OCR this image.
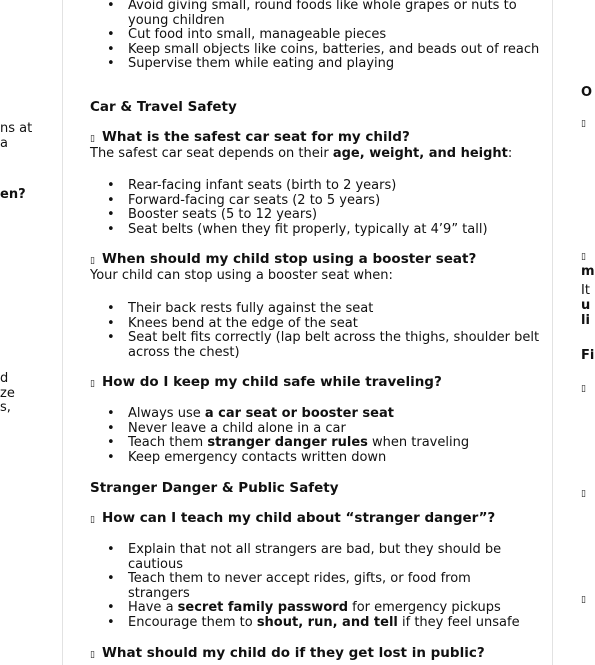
ns at
a
en?
d
ze
s,
O
▯
▯
m
It
u
li
Fi
▯
▯
▯
• Avoid giving small, round foods like whole grapes or nuts to young children
• Cut food into small, manageable pieces
• Keep small objects like coins, batteries, and beads out of reach
• Supervise them while eating and playing
Car & Travel Safety
▯ What is the safest car seat for my child?

The safest car seat depends on their age, weight, and height:

• Rear-facing infant seats (birth to 2 years)
• Forward-facing car seats (2 to 5 years)
• Booster seats (5 to 12 years)
• Seat belts (when they fit properly, typically at 4’9” tall)
▯ When should my child stop using a booster seat?

Your child can stop using a booster seat when:

• Their back rests fully against the seat
• Knees bend at the edge of the seat
• Seat belt fits correctly (lap belt across the thighs, shoulder belt across the chest)
▯ How do I keep my child safe while traveling?
• Always use a car seat or booster seat
• Never leave a child alone in a car
• Teach them stranger danger rules when traveling
• Keep emergency contacts written down
Stranger Danger & Public Safety
▯ How can I teach my child about “stranger danger”?
• Explain that not all strangers are bad, but they should be cautious
• Teach them to never accept rides, gifts, or food from strangers
• Have a secret family password for emergency pickups
• Encourage them to shout, run, and tell if they feel unsafe
▯ What should my child do if they get lost in public?
